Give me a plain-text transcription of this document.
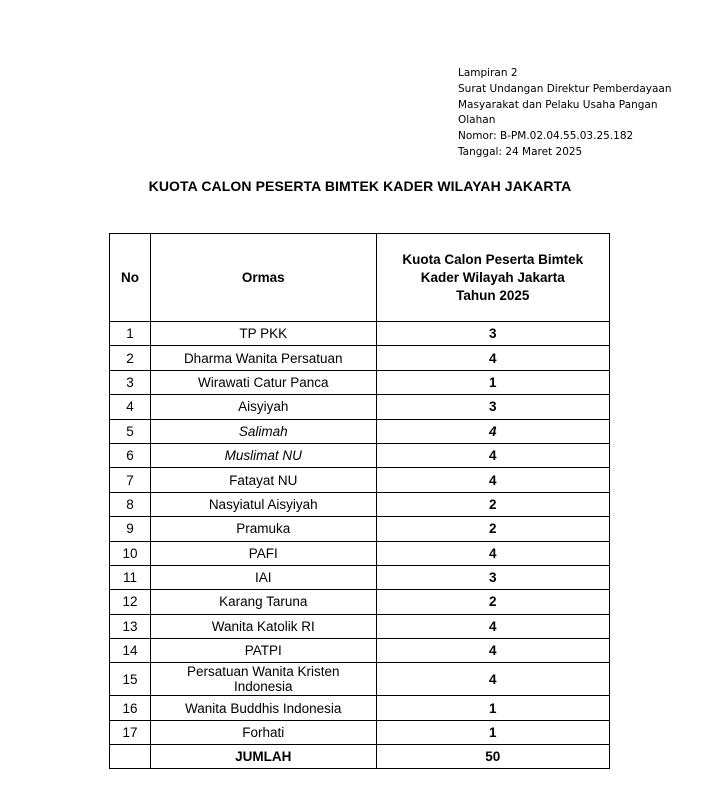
Lampiran 2
Surat Undangan Direktur Pemberdayaan
Masyarakat dan Pelaku Usaha Pangan
Olahan
Nomor: B-PM.02.04.55.03.25.182
Tanggal: 24 Maret 2025
KUOTA CALON PESERTA BIMTEK KADER WILAYAH JAKARTA
No	Ormas	Kuota Calon Peserta Bimtek
Kader Wilayah Jakarta
Tahun 2025

1	TP PKK	3
2	Dharma Wanita Persatuan	4
3	Wirawati Catur Panca	1
4	Aisyiyah	3
5	Salimah	4
6	Muslimat NU	4
7	Fatayat NU	4
8	Nasyiatul Aisyiyah	2
9	Pramuka	2
10	PAFI	4
11	IAI	3
12	Karang Taruna	2
13	Wanita Katolik RI	4
14	PATPI	4
15	Persatuan Wanita Kristen
Indonesia	4
16	Wanita Buddhis Indonesia	1
17	Forhati	1
	JUMLAH	50
